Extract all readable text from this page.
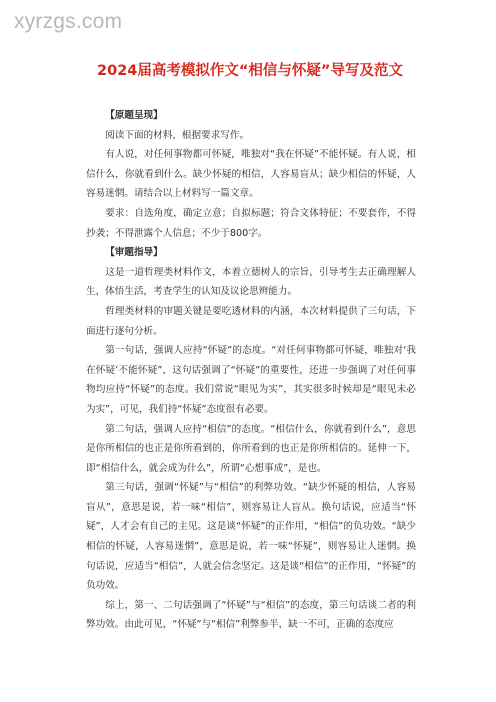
xyrzgs.com
2024届高考模拟作文“相信与怀疑”导写及范文

【原题呈现】

阅读下面的材料，根据要求写作。

有人说，对任何事物都可怀疑，唯独对“我在怀疑”不能怀疑。有人说，相信什么，你就看到什么。缺少怀疑的相信，人容易盲从；缺少相信的怀疑，人容易迷惘。请结合以上材料写一篇文章。

要求：自选角度，确定立意；自拟标题；符合文体特征；不要套作，不得抄袭；不得泄露个人信息；不少于800字。

【审题指导】

这是一道哲理类材料作文，本着立德树人的宗旨，引导考生去正确理解人生，体悟生活，考查学生的认知及议论思辨能力。

哲理类材料的审题关键是要吃透材料的内涵，本次材料提供了三句话，下面进行逐句分析。

第一句话，强调人应持“怀疑”的态度。“对任何事物都可怀疑，唯独对‘我在怀疑’不能怀疑”，这句话强调了“怀疑”的重要性，还进一步强调了对任何事物均应持“怀疑”的态度。我们常说“眼见为实”，其实很多时候却是“眼见未必为实”，可见，我们持“怀疑”态度很有必要。

第二句话，强调人应持“相信”的态度。“相信什么，你就看到什么”，意思是你所相信的也正是你所看到的，你所看到的也正是你所相信的。延伸一下，即“相信什么，就会成为什么”，所谓“心想事成”，是也。

第三句话，强调“怀疑”与“相信”的利弊功效。“缺少怀疑的相信，人容易盲从”，意思是说，若一味“相信”，则容易让人盲从。换句话说，应适当“怀疑”，人才会有自己的主见。这是谈“怀疑”的正作用，“相信”的负功效。“缺少相信的怀疑，人容易迷惘”，意思是说，若一味“怀疑”，则容易让人迷惘。换句话说，应适当“相信”，人就会信念坚定。这是谈“相信”的正作用，“怀疑”的负功效。

综上，第一、二句话强调了“怀疑”与“相信”的态度，第三句话谈二者的利弊功效。由此可见，“怀疑”与“相信”利弊参半，缺一不可，正确的态度应
